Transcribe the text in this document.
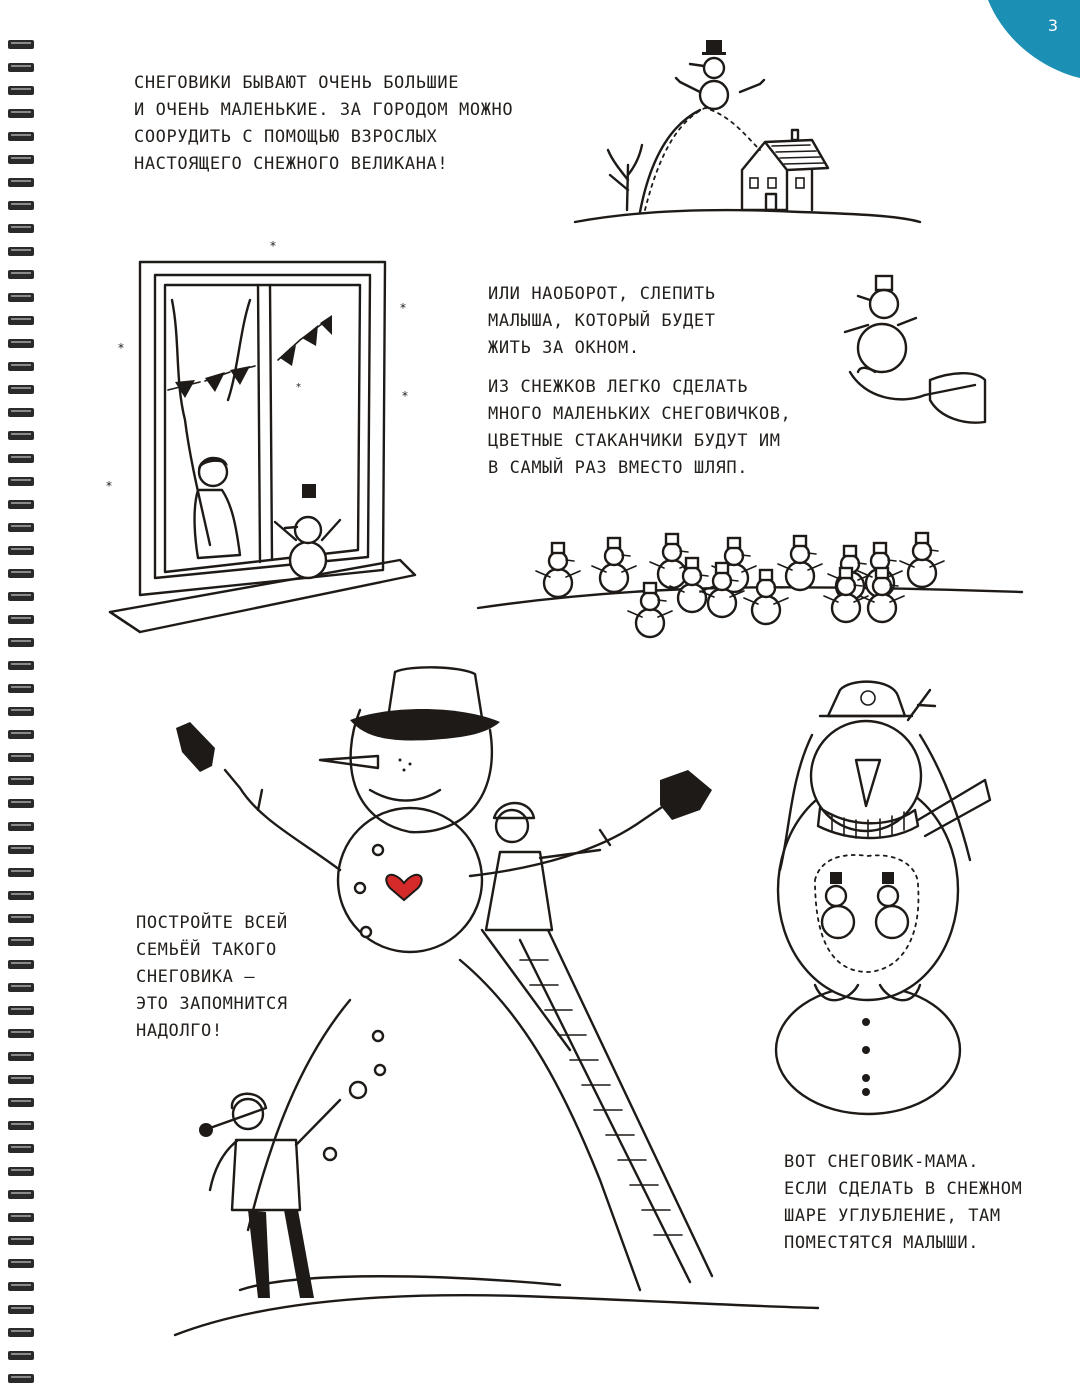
3

СНЕГОВИКИ БЫВАЮТ ОЧЕНЬ БОЛЬШИЕ
И ОЧЕНЬ МАЛЕНЬКИЕ. ЗА ГОРОДОМ МОЖНО
СООРУДИТЬ С ПОМОЩЬЮ ВЗРОСЛЫХ
НАСТОЯЩЕГО СНЕЖНОГО ВЕЛИКАНА!

ИЛИ НАОБОРОТ, СЛЕПИТЬ
МАЛЫША, КОТОРЫЙ БУДЕТ
ЖИТЬ ЗА ОКНОМ.

ИЗ СНЕЖКОВ ЛЕГКО СДЕЛАТЬ
МНОГО МАЛЕНЬКИХ СНЕГОВИЧКОВ,
ЦВЕТНЫЕ СТАКАНЧИКИ БУДУТ ИМ
В САМЫЙ РАЗ ВМЕСТО ШЛЯП.

ПОСТРОЙТЕ ВСЕЙ
СЕМЬЁЙ ТАКОГО
СНЕГОВИКА —
ЭТО ЗАПОМНИТСЯ
НАДОЛГО!

ВОТ СНЕГОВИК-МАМА.
ЕСЛИ СДЕЛАТЬ В СНЕЖНОМ
ШАРЕ УГЛУБЛЕНИЕ, ТАМ
ПОМЕСТЯТСЯ МАЛЫШИ.

*
*
*
*
*
*
